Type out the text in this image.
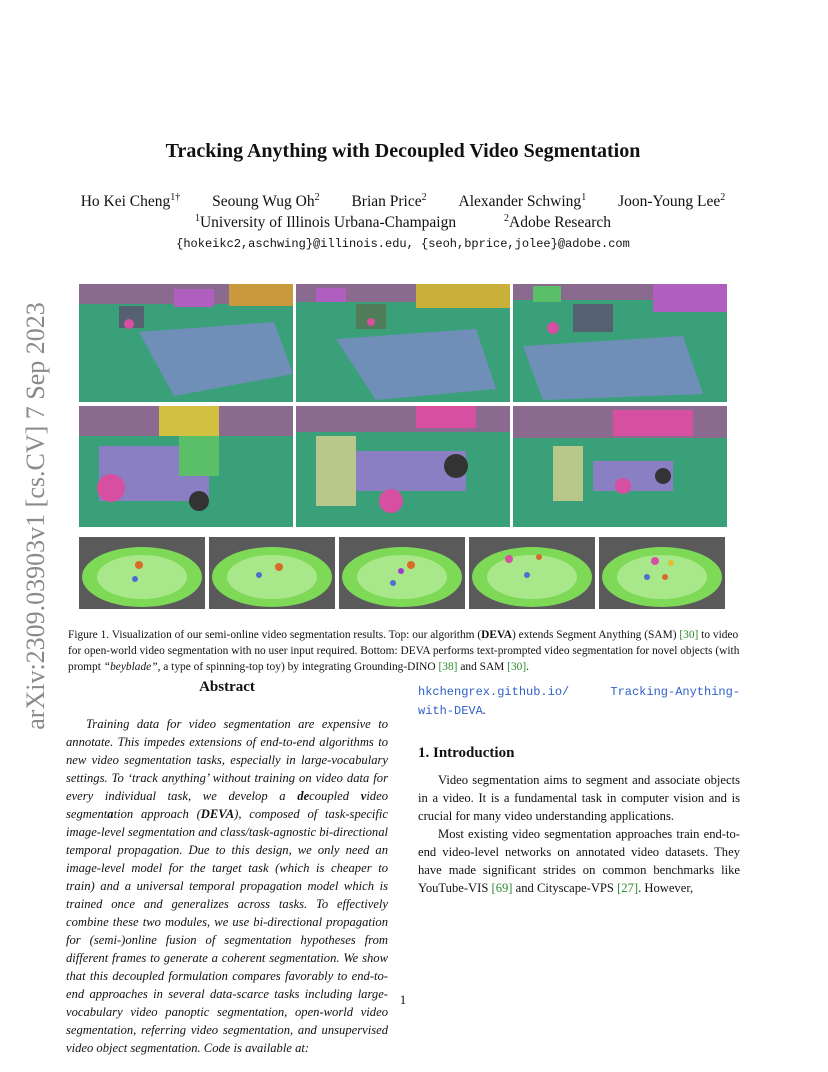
arXiv:2309.03903v1 [cs.CV] 7 Sep 2023
Tracking Anything with Decoupled Video Segmentation
Ho Kei Cheng$^{1\dagger}$ Seoung Wug Oh$^2$ Brian Price$^2$ Alexander Schwing$^1$ Joon-Young Lee$^2$
$^1$University of Illinois Urbana-Champaign	$^2$Adobe Research
{hokeikc2,aschwing}@illinois.edu, {seoh,bprice,jolee}@adobe.com

Figure 1. Visualization of our semi-online video segmentation results. Top: our algorithm (DEVA) extends Segment Anything (SAM) [30] to video for open-world video segmentation with no user input required. Bottom: DEVA performs text-prompted video segmentation for novel objects (with prompt “beyblade”, a type of spinning-top toy) by integrating Grounding-DINO [38] and SAM [30].

Abstract

Training data for video segmentation are expensive to annotate. This impedes extensions of end-to-end algorithms to new video segmentation tasks, especially in large-vocabulary settings. To ‘track anything’ without training on video data for every individual task, we develop a decoupled video segmentation approach (DEVA), composed of task-specific image-level segmentation and class/task-agnostic bi-directional temporal propagation. Due to this design, we only need an image-level model for the target task (which is cheaper to train) and a universal temporal propagation model which is trained once and generalizes across tasks. To effectively combine these two modules, we use bi-directional propagation for (semi-)online fusion of segmentation hypotheses from different frames to generate a coherent segmentation. We show that this decoupled formulation compares favorably to end-to-end approaches in several data-scarce tasks including large-vocabulary video panoptic segmentation, open-world video segmentation, referring video segmentation, and unsupervised video object segmentation. Code is available at:

hkchengrex.github.io/ Tracking-Anything-with-DEVA.

1. Introduction

Video segmentation aims to segment and associate objects in a video. It is a fundamental task in computer vision and is crucial for many video understanding applications.

Most existing video segmentation approaches train end-to-end video-level networks on annotated video datasets. They have made significant strides on common benchmarks like YouTube-VIS [69] and Cityscape-VPS [27]. However,

1
